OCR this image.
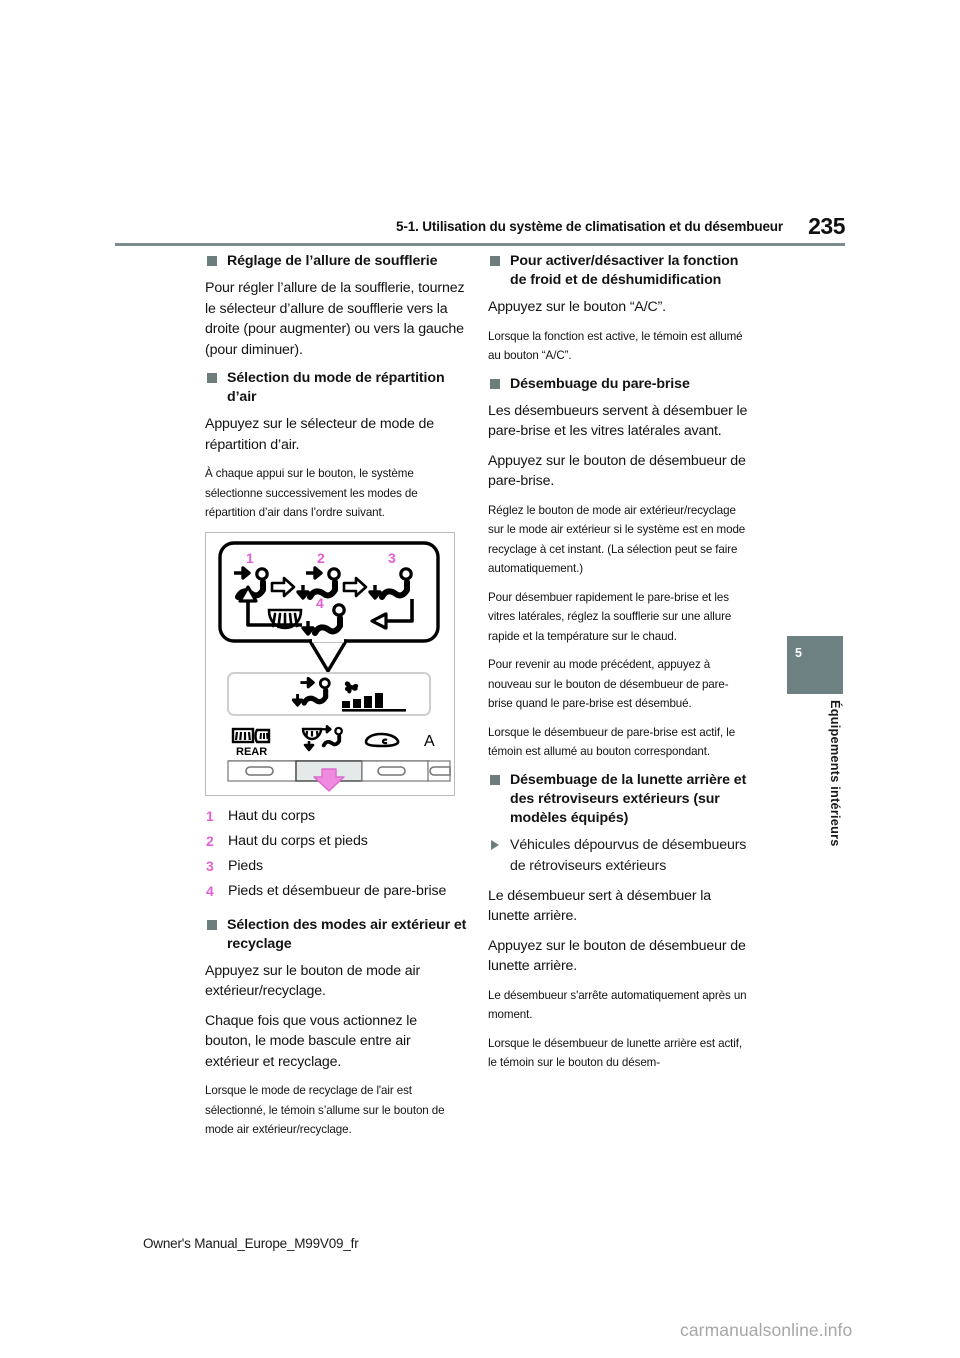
5-1. Utilisation du système de climatisation et du désembueur 235
Réglage de l’allure de soufflerie

Pour régler l’allure de la soufflerie, tournez le sélecteur d’allure de soufflerie vers la droite (pour augmenter) ou vers la gauche (pour diminuer).

Sélection du mode de répartition d’air

Appuyez sur le sélecteur de mode de répartition d’air.

À chaque appui sur le bouton, le système sélectionne successivement les modes de répartition d’air dans l’ordre suivant.

1	2	3
4
REAR
A
1 Haut du corps
2 Haut du corps et pieds
3 Pieds
4 Pieds et désembueur de pare-brise
Sélection des modes air extérieur et recyclage

Appuyez sur le bouton de mode air extérieur/recyclage.

Chaque fois que vous actionnez le bouton, le mode bascule entre air extérieur et recyclage.

Lorsque le mode de recyclage de l'air est sélectionné, le témoin s’allume sur le bouton de mode air extérieur/recyclage.

Pour activer/désactiver la fonction de froid et de déshumidification

Appuyez sur le bouton “A/C”.

Lorsque la fonction est active, le témoin est allumé au bouton “A/C”.

Désembuage du pare-brise

Les désembueurs servent à désembuer le pare-brise et les vitres latérales avant.

Appuyez sur le bouton de désembueur de pare-brise.

Réglez le bouton de mode air extérieur/recyclage sur le mode air extérieur si le système est en mode recyclage à cet instant. (La sélection peut se faire automatiquement.)

Pour désembuer rapidement le pare-brise et les vitres latérales, réglez la soufflerie sur une allure rapide et la température sur le chaud.

Pour revenir au mode précédent, appuyez à nouveau sur le bouton de désembueur de pare-brise quand le pare-brise est désembué.

Lorsque le désembueur de pare-brise est actif, le témoin est allumé au bouton correspondant.

Désembuage de la lunette arrière et des rétroviseurs extérieurs (sur modèles équipés)
Véhicules dépourvus de désembueurs de rétroviseurs extérieurs

Le désembueur sert à désembuer la lunette arrière.

Appuyez sur le bouton de désembueur de lunette arrière.

Le désembueur s'arrête automatiquement après un moment.

Lorsque le désembueur de lunette arrière est actif, le témoin sur le bouton du désem-

5
Équipements intérieurs
Owner's Manual_Europe_M99V09_fr
carmanualsonline.info
